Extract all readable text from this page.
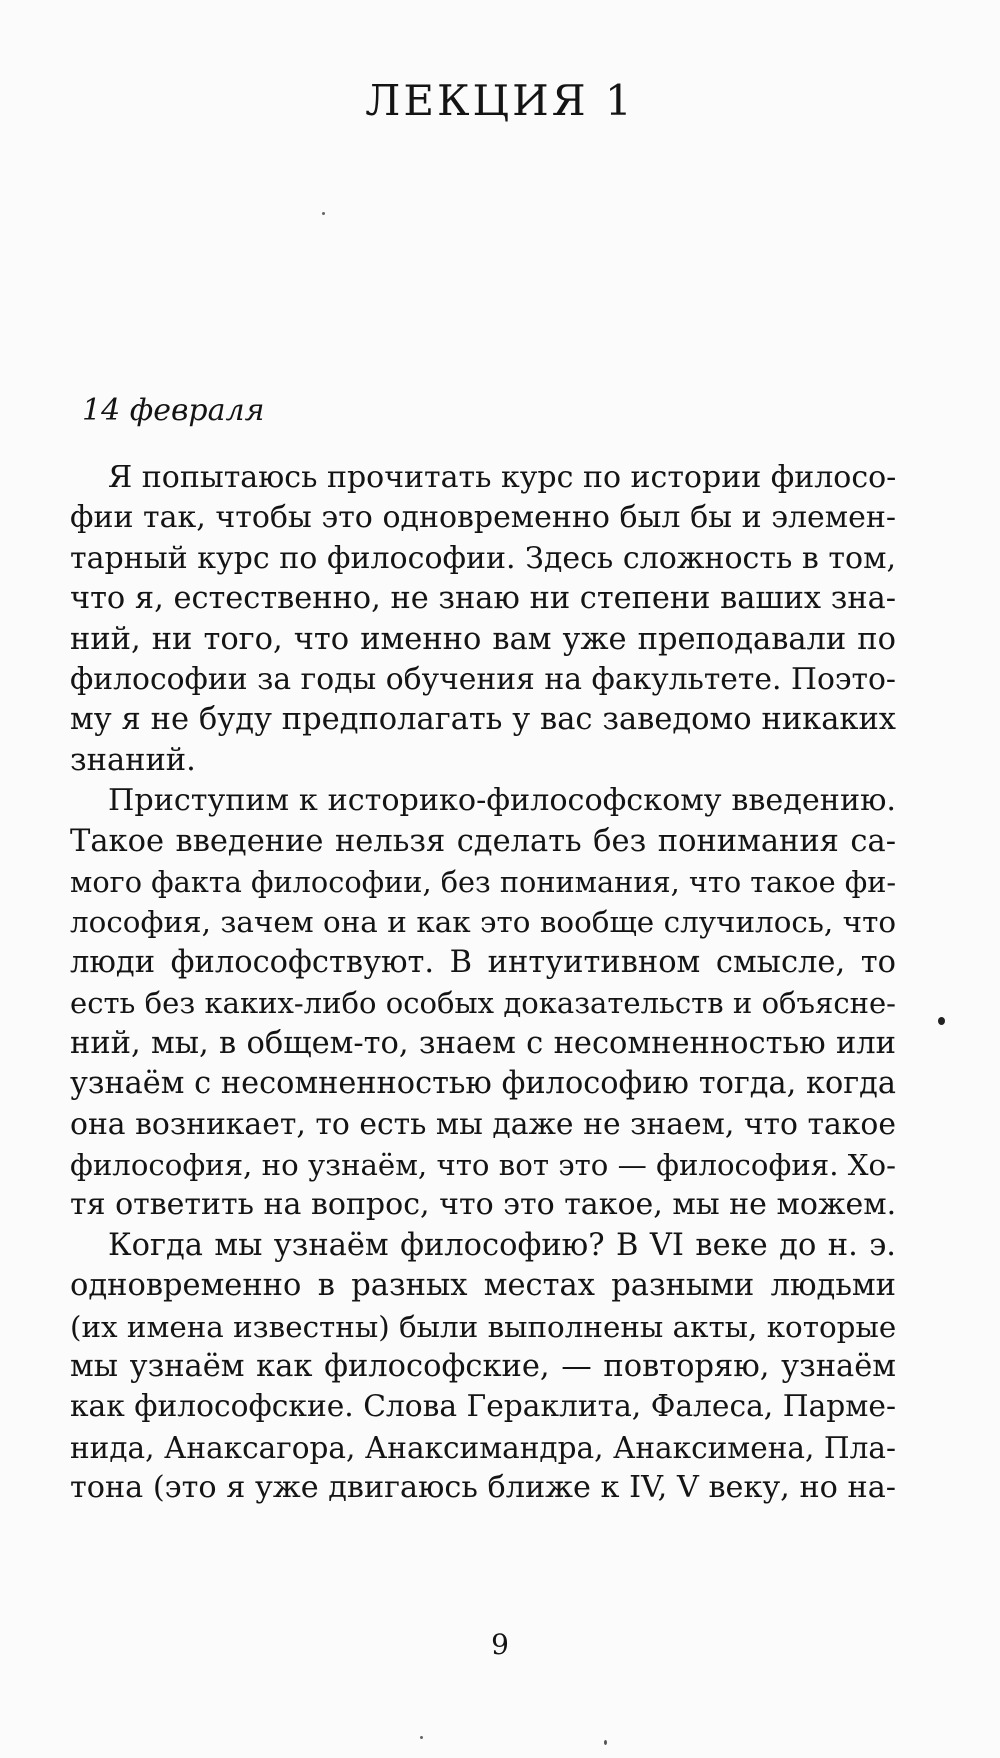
ЛЕКЦИЯ 1

14 февраля

Я попытаюсь прочитать курс по истории филосо-
фии так, чтобы это одновременно был бы и элемен-
тарный курс по философии. Здесь сложность в том,
что я, естественно, не знаю ни степени ваших зна-
ний, ни того, что именно вам уже преподавали по
философии за годы обучения на факультете. Поэто-
му я не буду предполагать у вас заведомо никаких
знаний.
Приступим к историко-философскому введению.
Такое введение нельзя сделать без понимания са-
мого факта философии, без понимания, что такое фи-
лософия, зачем она и как это вообще случилось, что
люди философствуют. В интуитивном смысле, то
есть без каких-либо особых доказательств и объясне-
ний, мы, в общем-то, знаем с несомненностью или
узнаём с несомненностью философию тогда, когда
она возникает, то есть мы даже не знаем, что такое
философия, но узнаём, что вот это — философия. Хо-
тя ответить на вопрос, что это такое, мы не можем.
Когда мы узнаём философию? В VI веке до н. э.
одновременно в разных местах разными людьми
(их имена известны) были выполнены акты, которые
мы узнаём как философские, — повторяю, узнаём
как философские. Слова Гераклита, Фалеса, Парме-
нида, Анаксагора, Анаксимандра, Анаксимена, Пла-
тона (это я уже двигаюсь ближе к IV, V веку, но на-

9
